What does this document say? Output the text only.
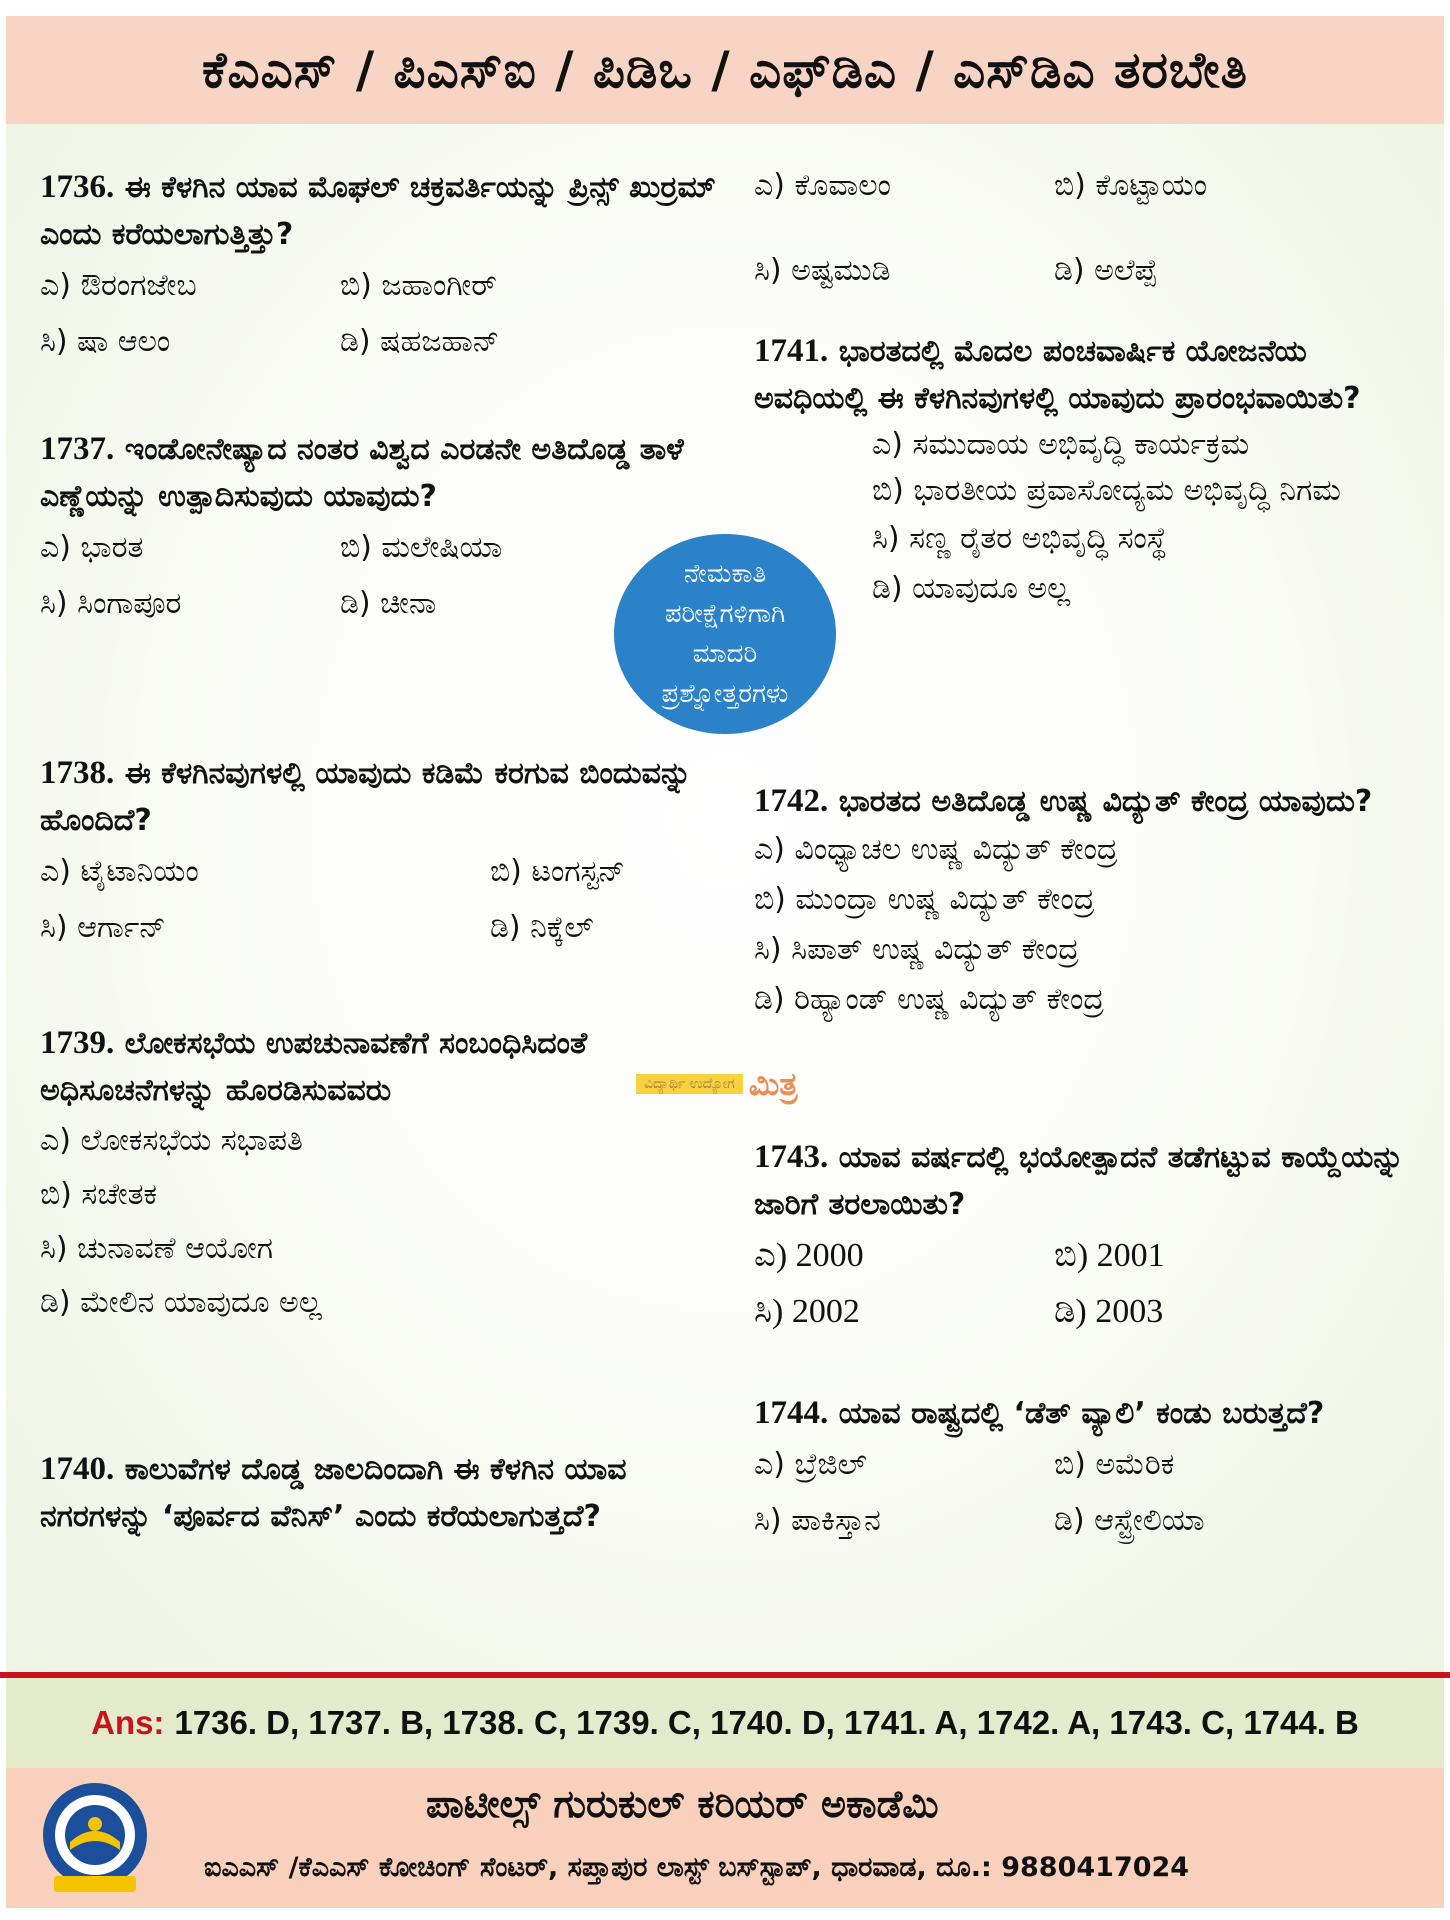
ಕೆಎಎಸ್ / ಪಿಎಸ್ಐ / ಪಿಡಿಒ / ಎಫ್‌ಡಿಎ / ಎಸ್‌ಡಿಎ ತರಬೇತಿ
1736. ಈ ಕೆಳಗಿನ ಯಾವ ಮೊಘಲ್ ಚಕ್ರವರ್ತಿಯನ್ನು ಪ್ರಿನ್ಸ್ ಖುರ್ರಮ್ ಎಂದು ಕರೆಯಲಾಗುತ್ತಿತ್ತು?
ಎ) ಔರಂಗಜೇಬ	ಬಿ) ಜಹಾಂಗೀರ್
ಸಿ) ಷಾ ಆಲಂ	ಡಿ) ಷಹಜಹಾನ್
1737. ಇಂಡೋನೇಷ್ಯಾದ ನಂತರ ವಿಶ್ವದ ಎರಡನೇ ಅತಿದೊಡ್ಡ ತಾಳೆ ಎಣ್ಣೆಯನ್ನು ಉತ್ಪಾದಿಸುವುದು ಯಾವುದು?
ಎ) ಭಾರತ	ಬಿ) ಮಲೇಷಿಯಾ
ಸಿ) ಸಿಂಗಾಪೂರ	ಡಿ) ಚೀನಾ
1738. ಈ ಕೆಳಗಿನವುಗಳಲ್ಲಿ ಯಾವುದು ಕಡಿಮೆ ಕರಗುವ ಬಿಂದುವನ್ನು ಹೊಂದಿದೆ?
ಎ) ಟೈಟಾನಿಯಂ	ಬಿ) ಟಂಗಸ್ಟನ್
ಸಿ) ಆರ್ಗಾನ್	ಡಿ) ನಿಕ್ಕೆಲ್
1739. ಲೋಕಸಭೆಯ ಉಪಚುನಾವಣೆಗೆ ಸಂಬಂಧಿಸಿದಂತೆ ಅಧಿಸೂಚನೆಗಳನ್ನು ಹೊರಡಿಸುವವರು
ಎ) ಲೋಕಸಭೆಯ ಸಭಾಪತಿ
ಬಿ) ಸಚೇತಕ
ಸಿ) ಚುನಾವಣೆ ಆಯೋಗ
ಡಿ) ಮೇಲಿನ ಯಾವುದೂ ಅಲ್ಲ
1740. ಕಾಲುವೆಗಳ ದೊಡ್ಡ ಜಾಲದಿಂದಾಗಿ ಈ ಕೆಳಗಿನ ಯಾವ ನಗರಗಳನ್ನು ‘ಪೂರ್ವದ ವೆನಿಸ್’ ಎಂದು ಕರೆಯಲಾಗುತ್ತದೆ?
ಎ) ಕೊವಾಲಂ	ಬಿ) ಕೊಟ್ಟಾಯಂ
ಸಿ) ಅಷ್ಟಮುಡಿ	ಡಿ) ಅಲೆಪ್ಪೆ
1741. ಭಾರತದಲ್ಲಿ ಮೊದಲ ಪಂಚವಾರ್ಷಿಕ ಯೋಜನೆಯ ಅವಧಿಯಲ್ಲಿ ಈ ಕೆಳಗಿನವುಗಳಲ್ಲಿ ಯಾವುದು ಪ್ರಾರಂಭವಾಯಿತು?
ಎ) ಸಮುದಾಯ ಅಭಿವೃದ್ಧಿ ಕಾರ್ಯಕ್ರಮ
ಬಿ) ಭಾರತೀಯ ಪ್ರವಾಸೋದ್ಯಮ ಅಭಿವೃದ್ಧಿ ನಿಗಮ
ಸಿ) ಸಣ್ಣ ರೈತರ ಅಭಿವೃದ್ಧಿ ಸಂಸ್ಥೆ
ಡಿ) ಯಾವುದೂ ಅಲ್ಲ
1742. ಭಾರತದ ಅತಿದೊಡ್ಡ ಉಷ್ಣ ವಿದ್ಯುತ್ ಕೇಂದ್ರ ಯಾವುದು?
ಎ) ವಿಂಧ್ಯಾಚಲ ಉಷ್ಣ ವಿದ್ಯುತ್ ಕೇಂದ್ರ
ಬಿ) ಮುಂದ್ರಾ ಉಷ್ಣ ವಿದ್ಯುತ್ ಕೇಂದ್ರ
ಸಿ) ಸಿಪಾತ್ ಉಷ್ಣ ವಿದ್ಯುತ್ ಕೇಂದ್ರ
ಡಿ) ರಿಹ್ಯಾಂಡ್ ಉಷ್ಣ ವಿದ್ಯುತ್ ಕೇಂದ್ರ
1743. ಯಾವ ವರ್ಷದಲ್ಲಿ ಭಯೋತ್ಪಾದನೆ ತಡೆಗಟ್ಟುವ ಕಾಯ್ದೆಯನ್ನು ಜಾರಿಗೆ ತರಲಾಯಿತು?
ಎ) 2000	ಬಿ) 2001
ಸಿ) 2002	ಡಿ) 2003
1744. ಯಾವ ರಾಷ್ಟ್ರದಲ್ಲಿ ‘ಡೆತ್ ವ್ಯಾಲಿ’ ಕಂಡು ಬರುತ್ತದೆ?
ಎ) ಬ್ರೆಜಿಲ್	ಬಿ) ಅಮೆರಿಕ
ಸಿ) ಪಾಕಿಸ್ತಾನ	ಡಿ) ಆಸ್ಟ್ರೇಲಿಯಾ
ನೇಮಕಾತಿ
ಪರೀಕ್ಷೆಗಳಿಗಾಗಿ
ಮಾದರಿ
ಪ್ರಶ್ನೋತ್ತರಗಳು
ವಿದ್ಯಾರ್ಥಿ ಉದ್ಯೋಗ ಮಿತ್ರ
Ans: 1736. D, 1737. B, 1738. C, 1739. C, 1740. D, 1741. A, 1742. A, 1743. C, 1744. B
ಪಾಟೀಲ್ಸ್ ಗುರುಕುಲ್ ಕರಿಯರ್ ಅಕಾಡೆಮಿ
ಐಎಎಸ್ /ಕೆಎಎಸ್ ಕೋಚಿಂಗ್ ಸೆಂಟರ್, ಸಪ್ತಾಪುರ ಲಾಸ್ಟ್ ಬಸ್‌ಸ್ಟಾಪ್, ಧಾರವಾಡ, ದೂ.: 9880417024
